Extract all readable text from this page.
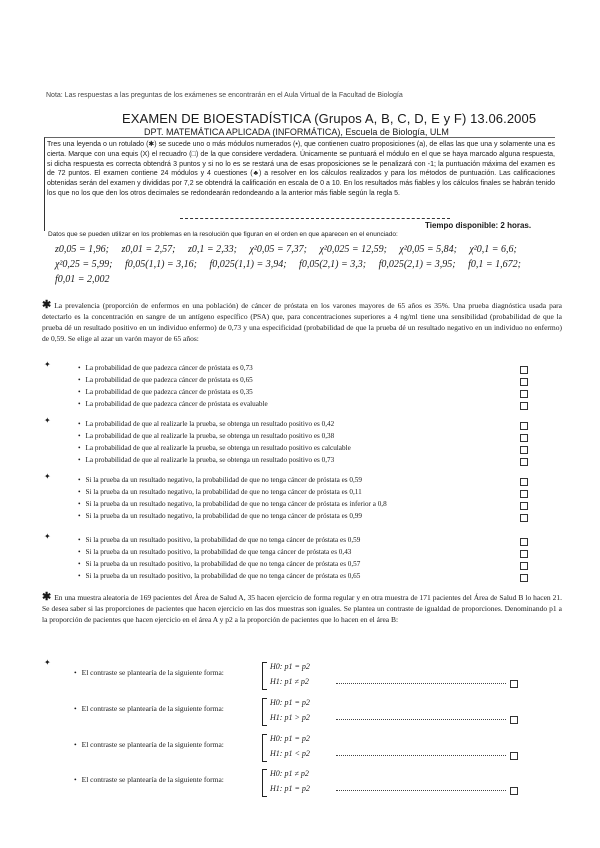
Nota: Las respuestas a las preguntas de los exámenes se encontrarán en el Aula Virtual de la Facultad de Biología
EXAMEN DE BIOESTADÍSTICA (Grupos A, B, C, D, E y F) 13.06.2005
DPT. MATEMÁTICA APLICADA (INFORMÁTICA), Escuela de Biología, ULM
Tres una leyenda o un rotulado (✱) se sucede uno o más módulos numerados (•), que contienen cuatro proposiciones (a), de ellas las que una y solamente una es cierta. Marque con una equis (X) el recuadro (□) de la que considere verdadera. Únicamente se puntuará el módulo en el que se haya marcado alguna respuesta, si dicha respuesta es correcta obtendrá 3 puntos y si no lo es se restará una de esas proposiciones se le penalizará con -1; la puntuación máxima del examen es de 72 puntos. El examen contiene 24 módulos y 4 cuestiones (♣) a resolver en los cálculos realizados y para los métodos de puntuación. Las calificaciones obtenidas serán del examen y divididas por 7,2 se obtendrá la calificación en escala de 0 a 10. En los resultados más fiables y los cálculos finales se habrán tenido los que no los que den los otros decimales se redondearán redondeando a la anterior más fiable según la regla 5.
Tiempo disponible: 2 horas.
Datos que se pueden utilizar en los problemas en la resolución que figuran en el orden en que aparecen en el enunciado:
z0,05 = 1,96; z0,01 = 2,57; z0,1 = 2,33; χ²0,05 = 7,37; χ²0,025 = 12,59; χ²0,05 = 5,84; χ²0,1 = 6,6;
χ²0,25 = 5,99; f0,05(1,1) = 3,16; f0,025(1,1) = 3,94; f0,05(2,1) = 3,3; f0,025(2,1) = 3,95; f0,1 = 1,672;
f0,01 = 2,002
✱ La prevalencia (proporción de enfermos en una población) de cáncer de próstata en los varones mayores de 65 años es 35%. Una prueba diagnóstica usada para detectarlo es la concentración en sangre de un antígeno específico (PSA) que, para concentraciones superiores a 4 ng/ml tiene una sensibilidad (probabilidad de que la prueba dé un resultado positivo en un individuo enfermo) de 0,73 y una especificidad (probabilidad de que la prueba dé un resultado negativo en un individuo no enfermo) de 0,59. Se elige al azar un varón mayor de 65 años:
✦	• La probabilidad de que padezca cáncer de próstata es 0,73
• La probabilidad de que padezca cáncer de próstata es 0,65
• La probabilidad de que padezca cáncer de próstata es 0,35
• La probabilidad de que padezca cáncer de próstata es evaluable
✦	• La probabilidad de que al realizarle la prueba, se obtenga un resultado positivo es 0,42
• La probabilidad de que al realizarle la prueba, se obtenga un resultado positivo es 0,38
• La probabilidad de que al realizarle la prueba, se obtenga un resultado positivo es calculable
• La probabilidad de que al realizarle la prueba, se obtenga un resultado positivo es 0,73
✦	• Si la prueba da un resultado negativo, la probabilidad de que no tenga cáncer de próstata es 0,59
• Si la prueba da un resultado negativo, la probabilidad de que no tenga cáncer de próstata es 0,11
• Si la prueba da un resultado negativo, la probabilidad de que no tenga cáncer de próstata es inferior a 0,8
• Si la prueba da un resultado negativo, la probabilidad de que no tenga cáncer de próstata es 0,99
✦	• Si la prueba da un resultado positivo, la probabilidad de que no tenga cáncer de próstata es 0,59
• Si la prueba da un resultado positivo, la probabilidad de que tenga cáncer de próstata es 0,43
• Si la prueba da un resultado positivo, la probabilidad de que no tenga cáncer de próstata es 0,57
• Si la prueba da un resultado positivo, la probabilidad de que no tenga cáncer de próstata es 0,65
✱ En una muestra aleatoria de 169 pacientes del Área de Salud A, 35 hacen ejercicio de forma regular y en otra muestra de 171 pacientes del Área de Salud B lo hacen 21. Se desea saber si las proporciones de pacientes que hacen ejercicio en las dos muestras son iguales. Se plantea un contraste de igualdad de proporciones. Denominando p1 a la proporción de pacientes que hacen ejercicio en el área A y p2 a la proporción de pacientes que lo hacen en el área B:
✦
• El contraste se plantearía de la siguiente forma:
H0: p1 = p2
H1: p1 ≠ p2
• El contraste se plantearía de la siguiente forma:
H0: p1 = p2
H1: p1 > p2
• El contraste se plantearía de la siguiente forma:
H0: p1 = p2
H1: p1 < p2
• El contraste se plantearía de la siguiente forma:
H0: p1 ≠ p2
H1: p1 = p2
